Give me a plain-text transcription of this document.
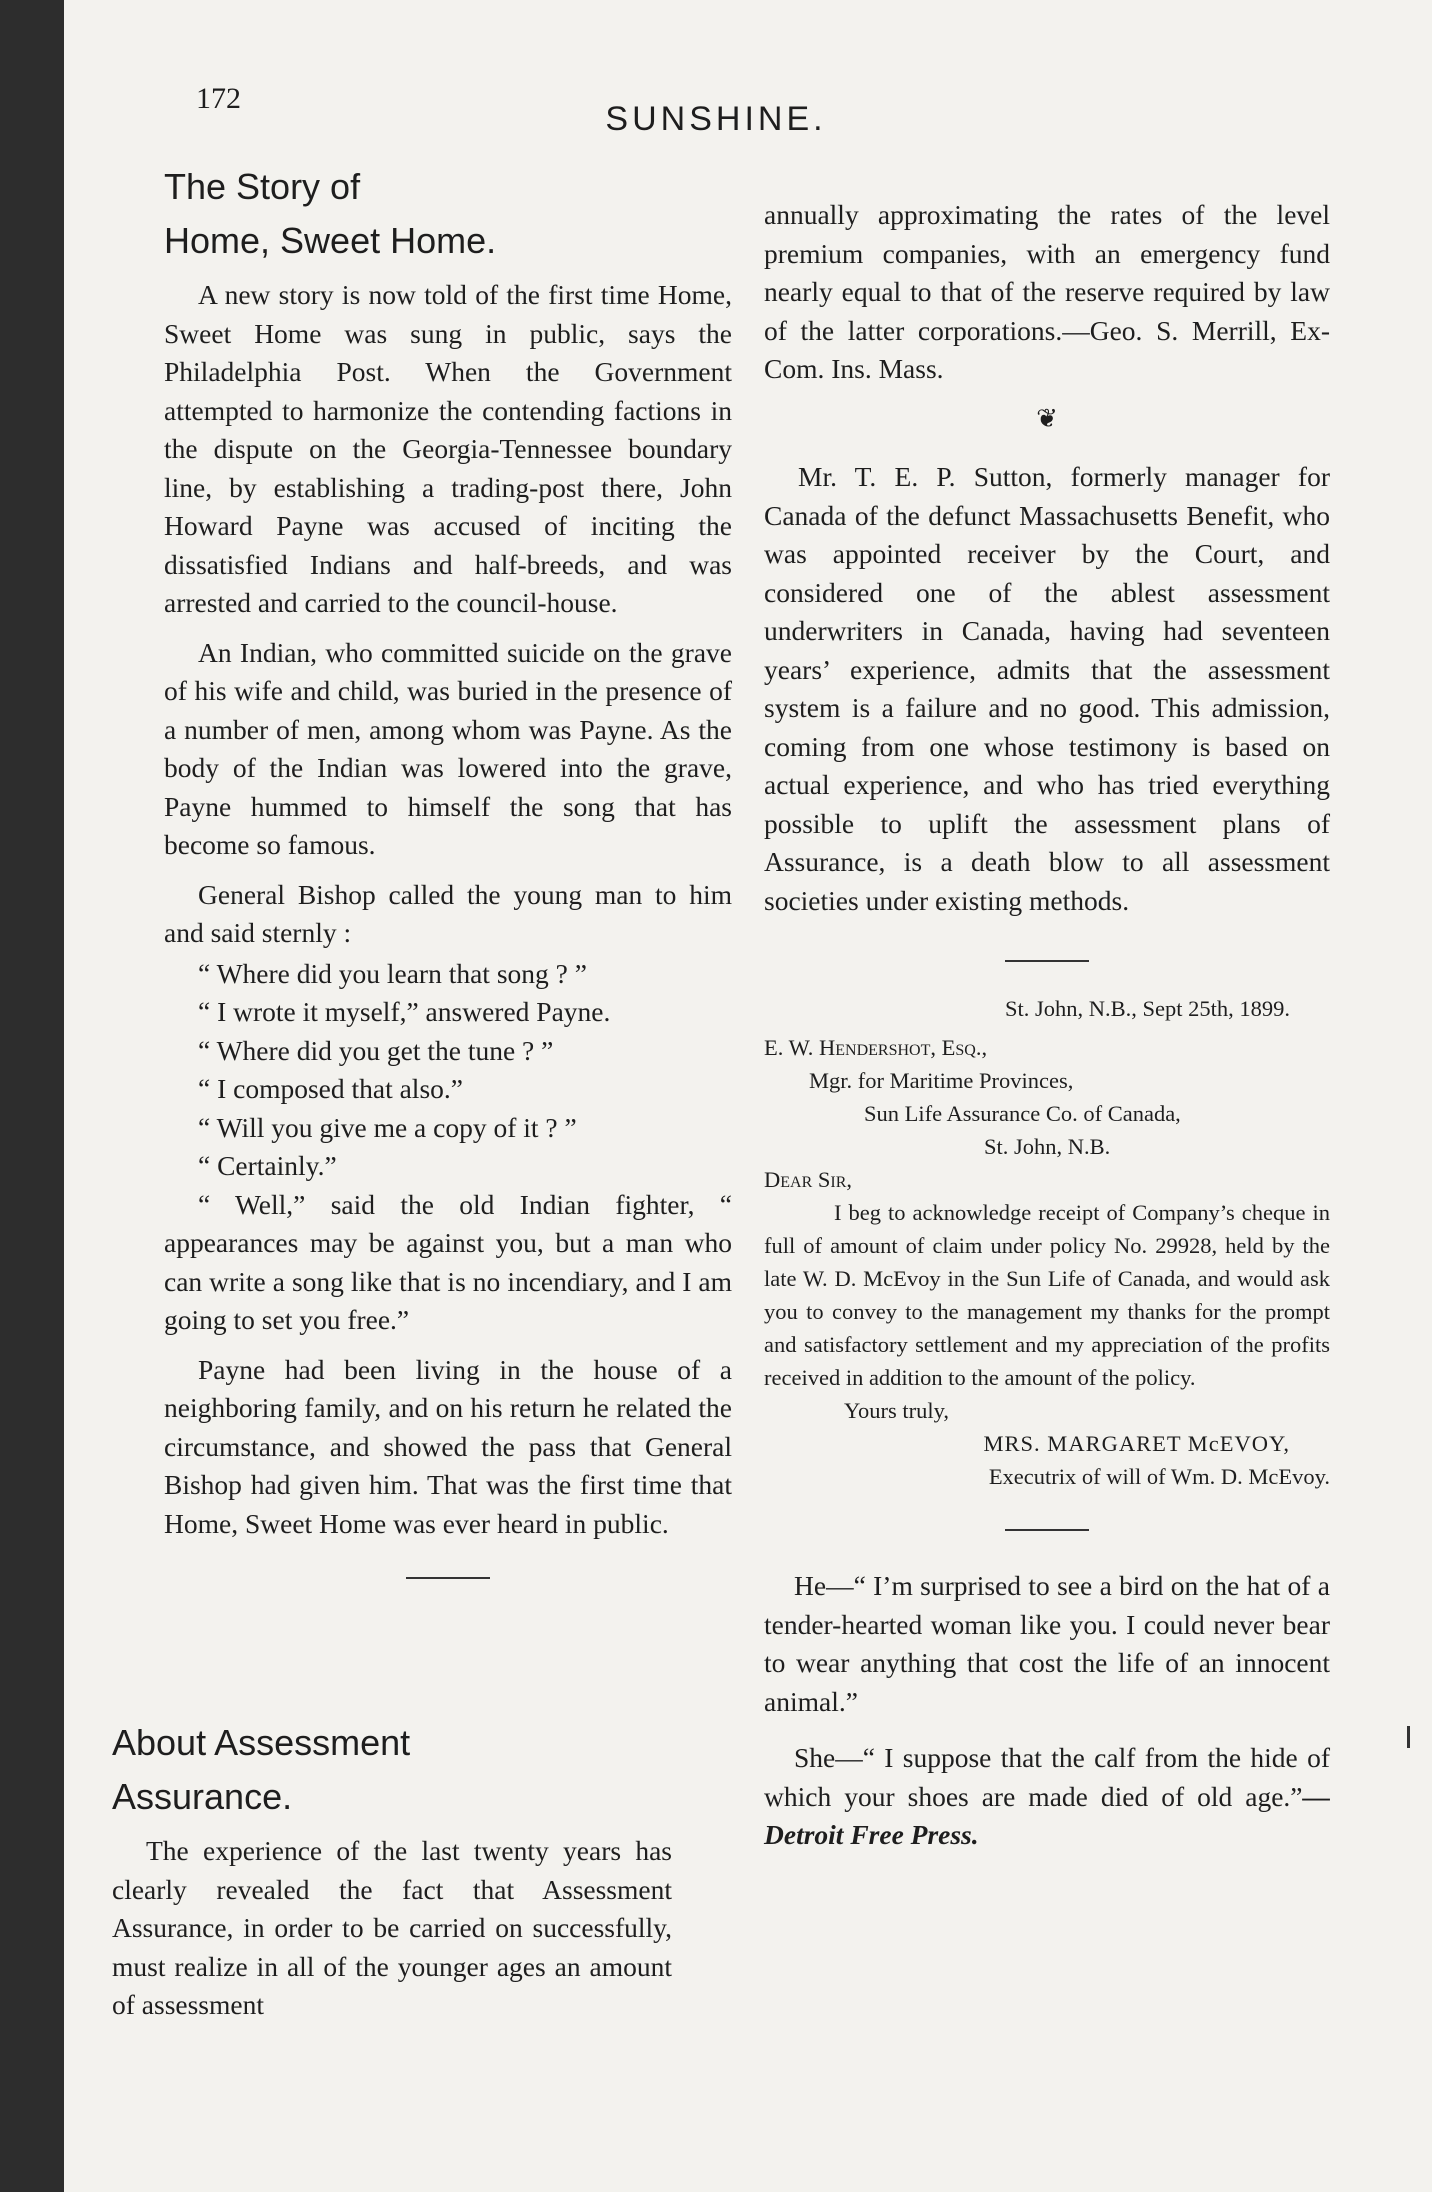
172
SUNSHINE.
The Story of
Home, Sweet Home.

A new story is now told of the first time Home, Sweet Home was sung in public, says the Philadelphia Post. When the Government attempted to harmonize the contending factions in the dispute on the Georgia-Tennessee boundary line, by establishing a trading-post there, John Howard Payne was accused of inciting the dissatisfied Indians and half-breeds, and was arrested and carried to the council-house.

An Indian, who committed suicide on the grave of his wife and child, was buried in the presence of a number of men, among whom was Payne. As the body of the Indian was lowered into the grave, Payne hummed to himself the song that has become so famous.

General Bishop called the young man to him and said sternly :

“ Where did you learn that song ? ”

“ I wrote it myself,” answered Payne.

“ Where did you get the tune ? ”

“ I composed that also.”

“ Will you give me a copy of it ? ”

“ Certainly.”

“ Well,” said the old Indian fighter, “ appearances may be against you, but a man who can write a song like that is no incendiary, and I am going to set you free.”

Payne had been living in the house of a neighboring family, and on his return he related the circumstance, and showed the pass that General Bishop had given him. That was the first time that Home, Sweet Home was ever heard in public.

About Assessment
Assurance.

The experience of the last twenty years has clearly revealed the fact that Assessment Assurance, in order to be carried on successfully, must realize in all of the younger ages an amount of assessment

annually approximating the rates of the level premium companies, with an emergency fund nearly equal to that of the reserve required by law of the latter corporations.—Geo. S. Merrill, Ex-Com. Ins. Mass.

❦

Mr. T. E. P. Sutton, formerly manager for Canada of the defunct Massachusetts Benefit, who was appointed receiver by the Court, and considered one of the ablest assessment underwriters in Canada, having had seventeen years’ experience, admits that the assessment system is a failure and no good. This admission, coming from one whose testimony is based on actual experience, and who has tried everything possible to uplift the assessment plans of Assurance, is a death blow to all assessment societies under existing methods.

St. John, N.B., Sept 25th, 1899.
E. W. Hendershot, Esq.,
Mgr. for Maritime Provinces,
Sun Life Assurance Co. of Canada,
St. John, N.B.
Dear Sir,

I beg to acknowledge receipt of Company’s cheque in full of amount of claim under policy No. 29928, held by the late W. D. McEvoy in the Sun Life of Canada, and would ask you to convey to the management my thanks for the prompt and satisfactory settlement and my appreciation of the profits received in addition to the amount of the policy.

Yours truly,
MRS. MARGARET McEVOY,
Executrix of will of Wm. D. McEvoy.

He—“ I’m surprised to see a bird on the hat of a tender-hearted woman like you. I could never bear to wear anything that cost the life of an innocent animal.”

She—“ I suppose that the calf from the hide of which your shoes are made died of old age.”—Detroit Free Press.
